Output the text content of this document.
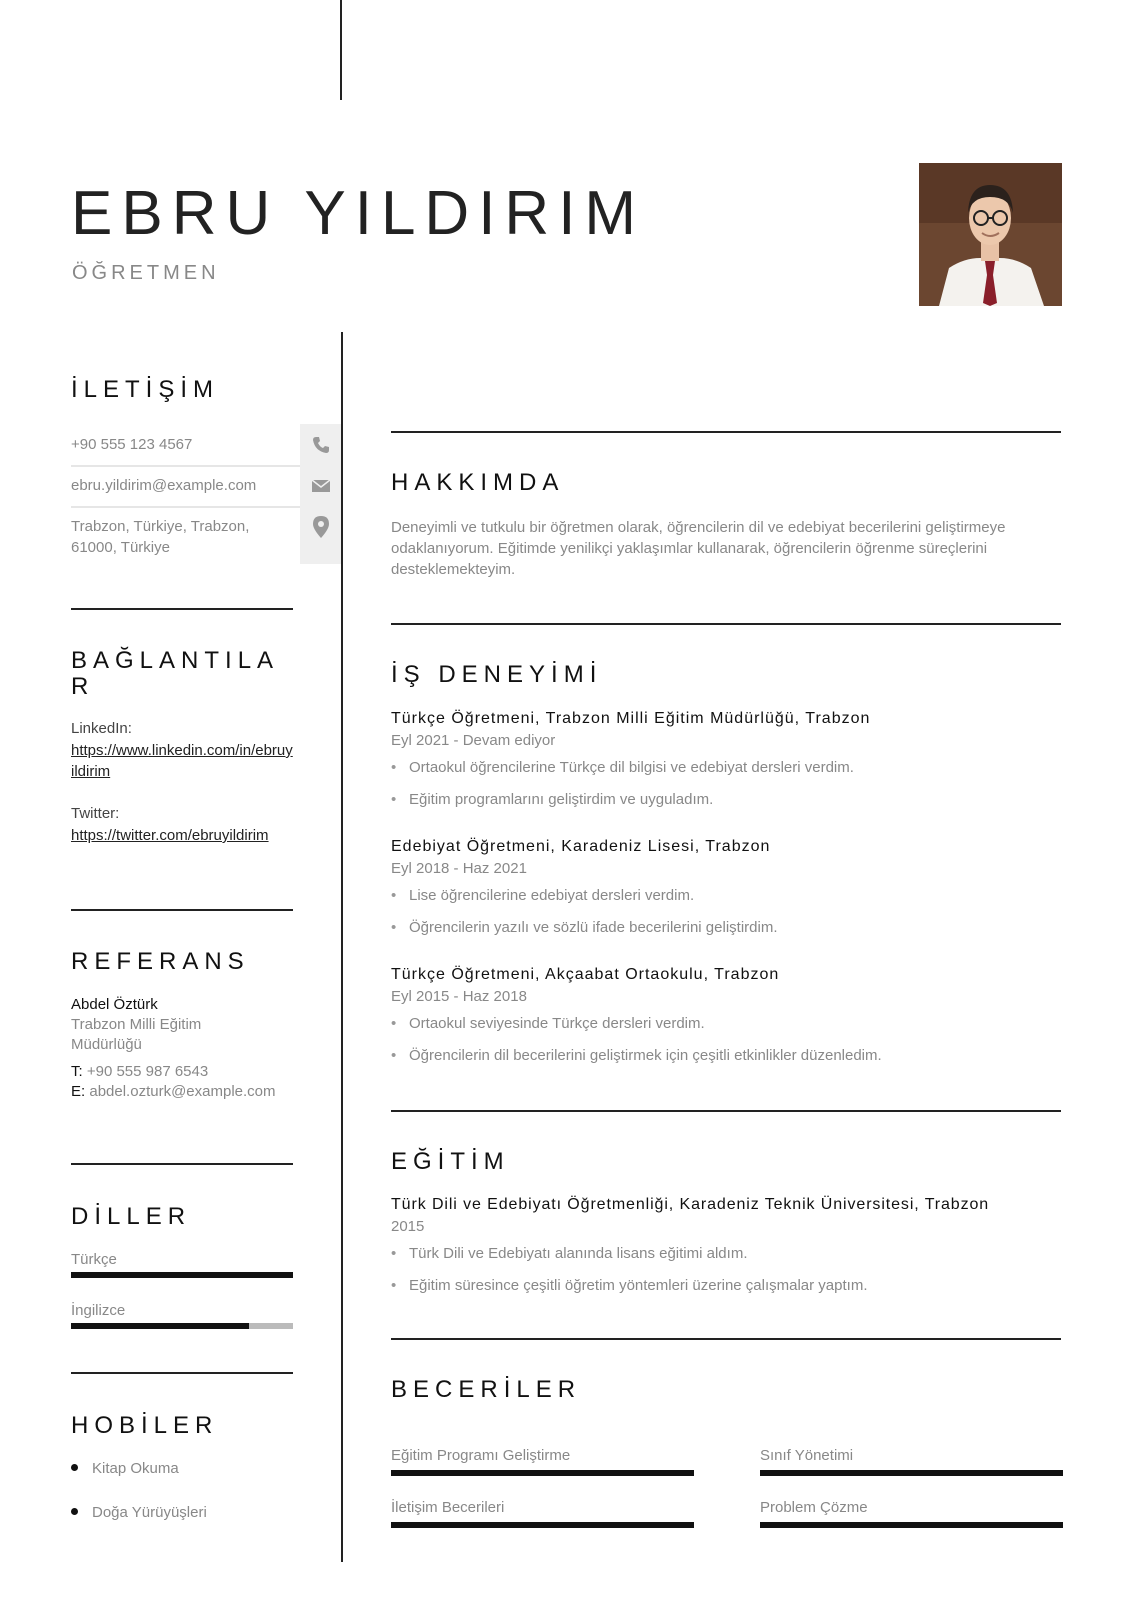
EBRU YILDIRIM
ÖĞRETMEN
İLETİŞİM
+90 555 123 4567
ebru.yildirim@example.com
Trabzon, Türkiye, Trabzon, 61000, Türkiye
BAĞLANTILAR
LinkedIn:
https://www.linkedin.com/in/ebruyildirim
Twitter:
https://twitter.com/ebruyildirim
REFERANS
Abdel Öztürk
Trabzon Milli Eğitim Müdürlüğü
T: +90 555 987 6543
E: abdel.ozturk@example.com
DİLLER
Türkçe
İngilizce
HOBİLER
Kitap Okuma
Doğa Yürüyüşleri
HAKKIMDA
Deneyimli ve tutkulu bir öğretmen olarak, öğrencilerin dil ve edebiyat becerilerini geliştirmeye odaklanıyorum. Eğitimde yenilikçi yaklaşımlar kullanarak, öğrencilerin öğrenme süreçlerini desteklemekteyim.
İŞ DENEYİMİ
Türkçe Öğretmeni, Trabzon Milli Eğitim Müdürlüğü, Trabzon
Eyl 2021 - Devam ediyor
• Ortaokul öğrencilerine Türkçe dil bilgisi ve edebiyat dersleri verdim.
• Eğitim programlarını geliştirdim ve uyguladım.
Edebiyat Öğretmeni, Karadeniz Lisesi, Trabzon
Eyl 2018 - Haz 2021
• Lise öğrencilerine edebiyat dersleri verdim.
• Öğrencilerin yazılı ve sözlü ifade becerilerini geliştirdim.
Türkçe Öğretmeni, Akçaabat Ortaokulu, Trabzon
Eyl 2015 - Haz 2018
• Ortaokul seviyesinde Türkçe dersleri verdim.
• Öğrencilerin dil becerilerini geliştirmek için çeşitli etkinlikler düzenledim.
EĞİTİM
Türk Dili ve Edebiyatı Öğretmenliği, Karadeniz Teknik Üniversitesi, Trabzon
2015
• Türk Dili ve Edebiyatı alanında lisans eğitimi aldım.
• Eğitim süresince çeşitli öğretim yöntemleri üzerine çalışmalar yaptım.
BECERİLER
Eğitim Programı Geliştirme	Sınıf Yönetimi
İletişim Becerileri	Problem Çözme
